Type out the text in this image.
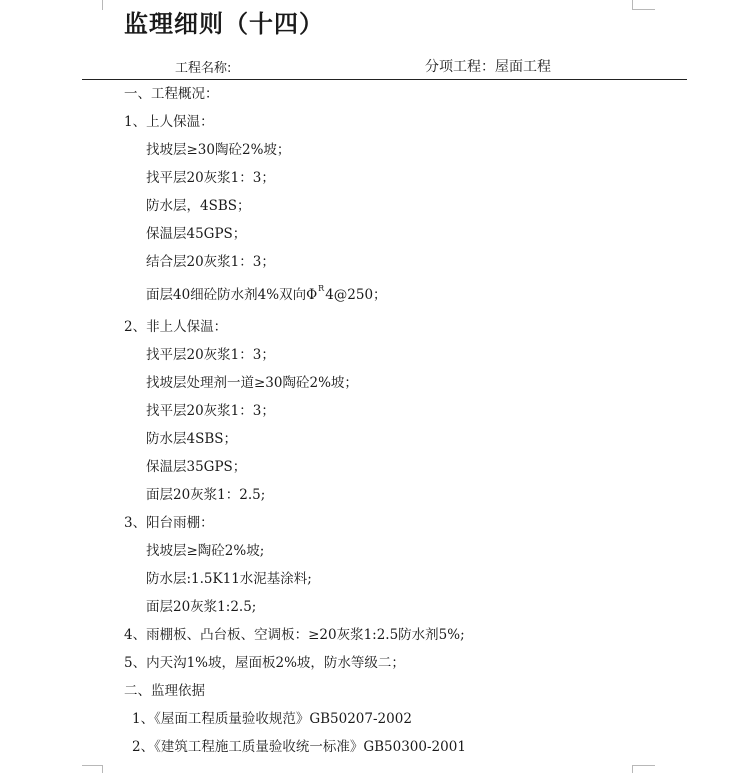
监理细则（十四）
工程名称:	分项工程：屋面工程
一、工程概况：
1、上人保温：
找坡层≥30陶砼2%坡；
找平层20灰浆1：3；
防水层，4SBS；
保温层45GPS；
结合层20灰浆1：3；
面层40细砼防水剂4%双向$\Phi^R4@250$；
2、非上人保温：
找平层20灰浆1：3；
找坡层处理剂一道≥30陶砼2%坡；
找平层20灰浆1：3；
防水层4SBS；
保温层35GPS；
面层20灰浆1：2.5;
3、阳台雨棚：
找坡层≥陶砼2%坡;
防水层:1.5K11水泥基涂料;
面层20灰浆1:2.5;
4、雨棚板、凸台板、空调板：≥20灰浆1:2.5防水剂5%;
5、内天沟1%坡，屋面板2%坡，防水等级二；
二、监理依据
1、《屋面工程质量验收规范》GB50207-2002
2、《建筑工程施工质量验收统一标准》GB50300-2001
